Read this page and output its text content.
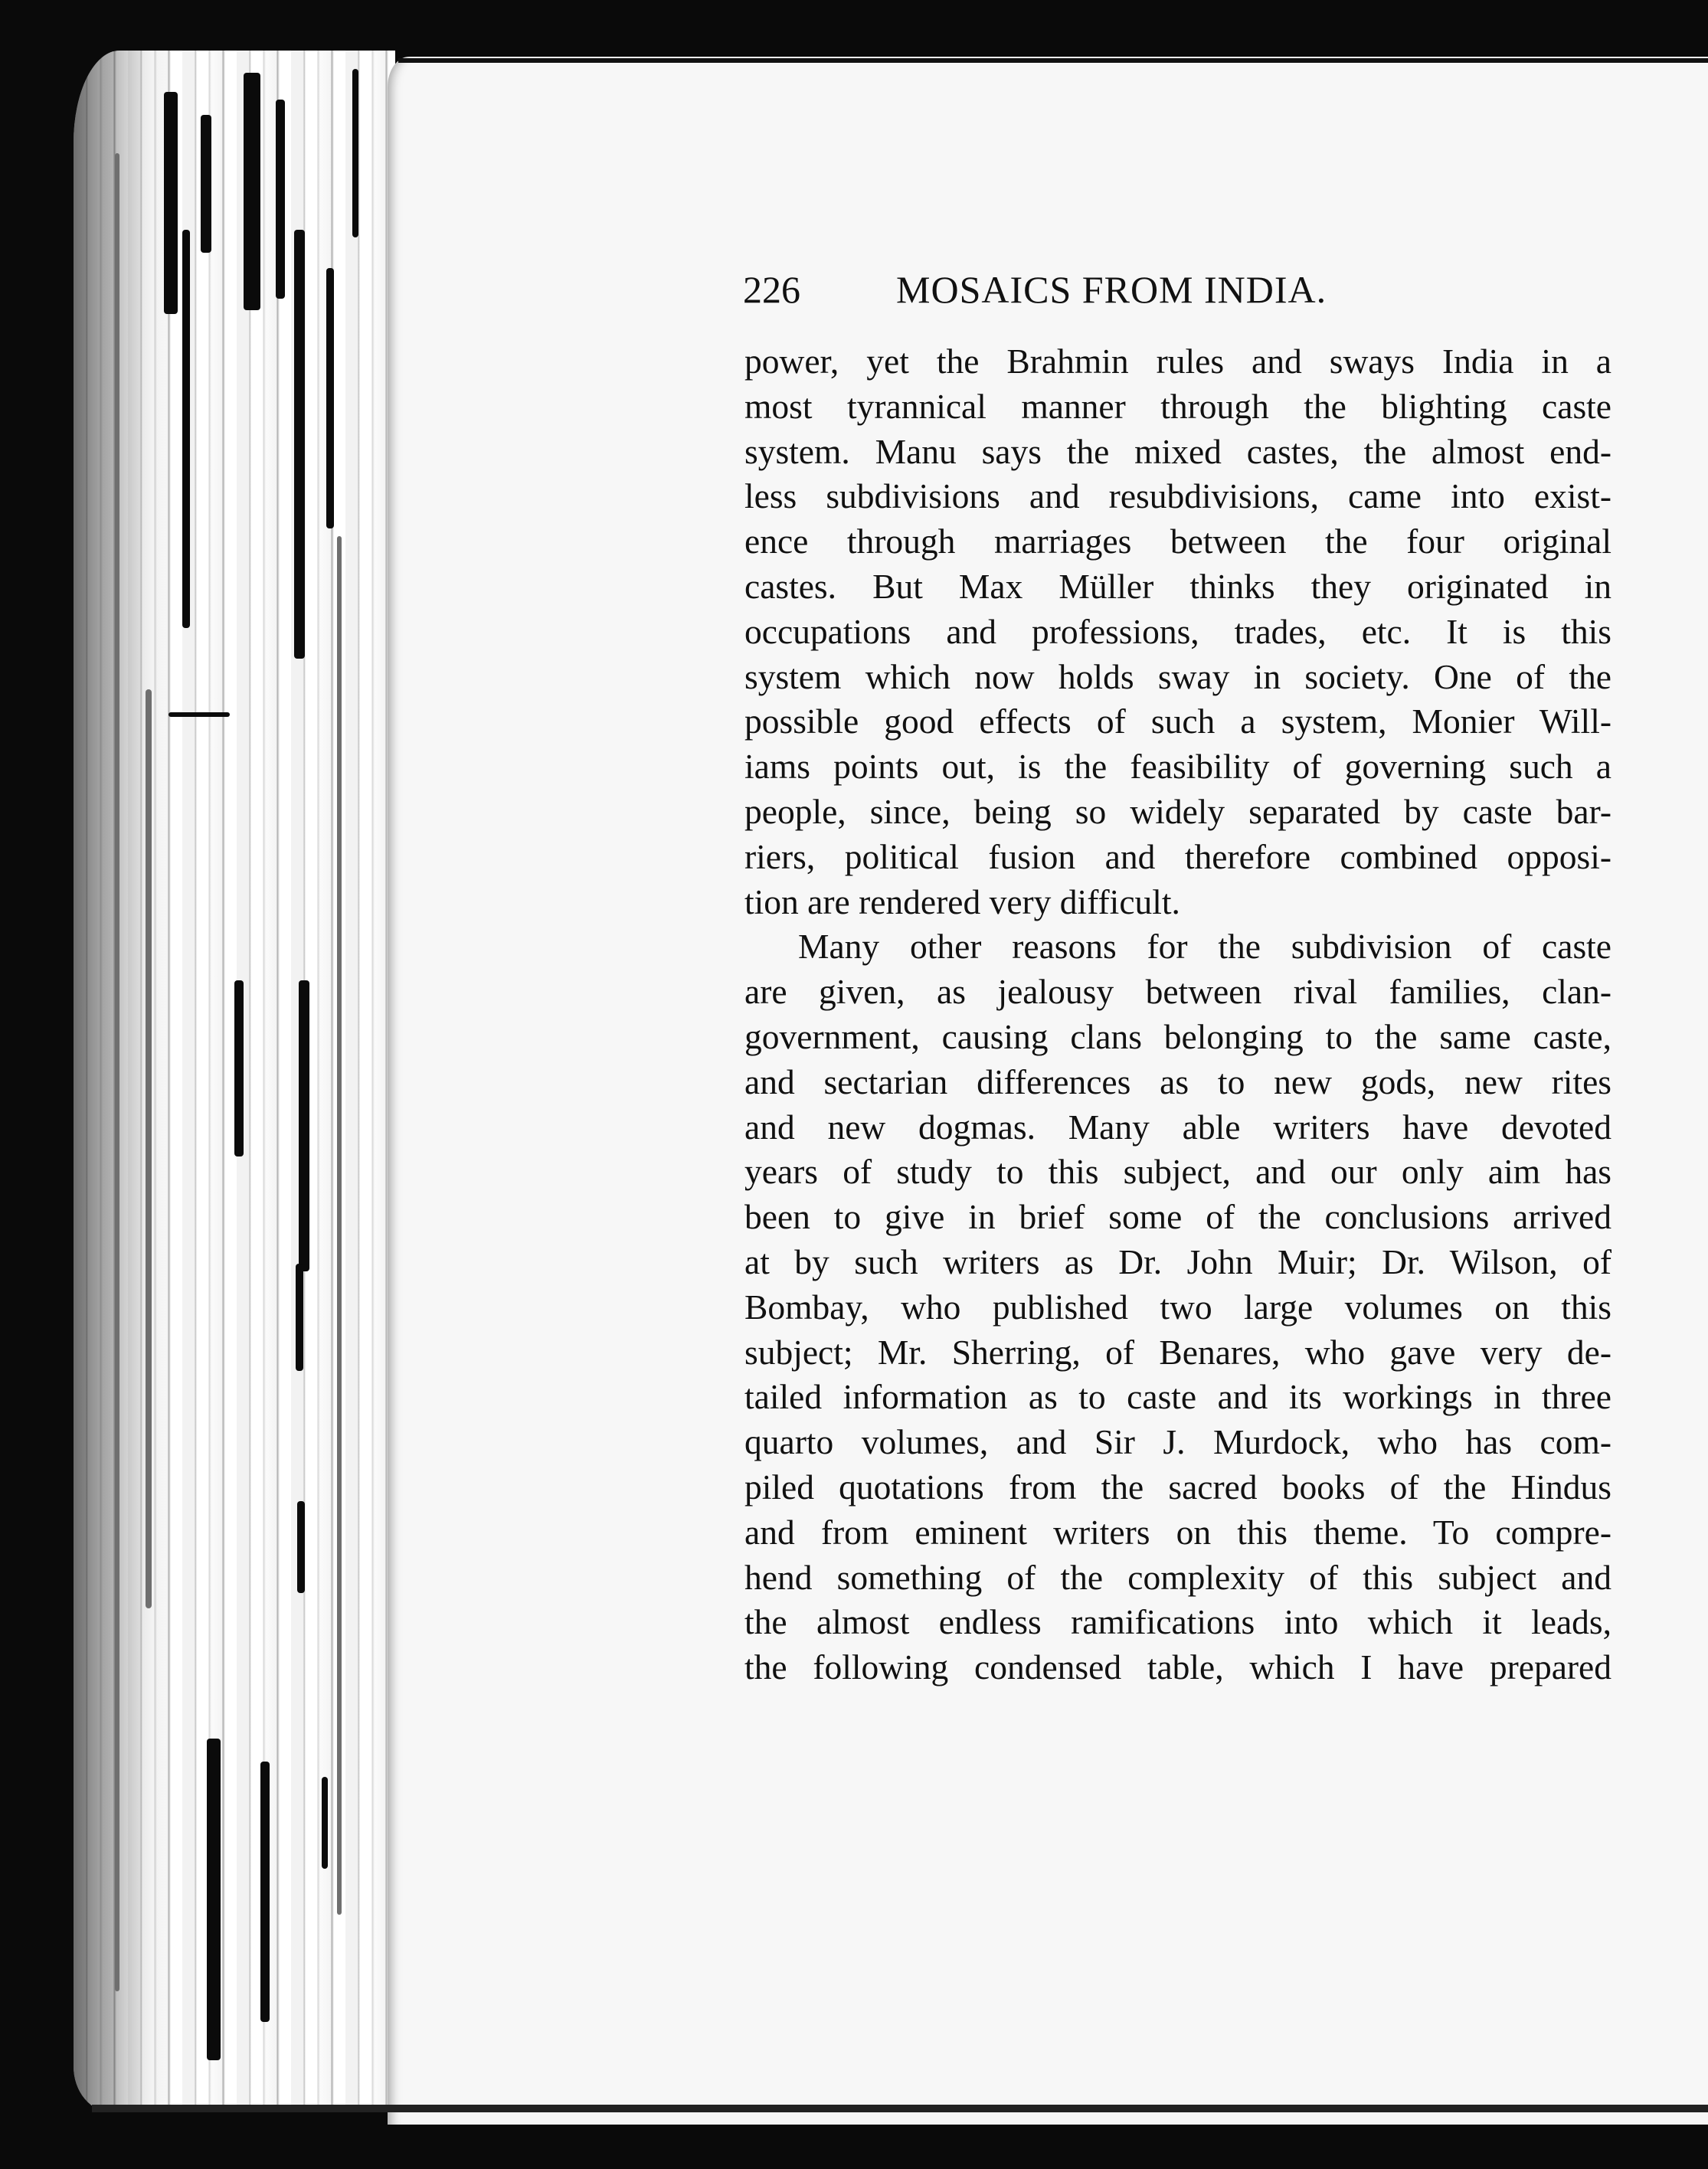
226	MOSAICS FROM INDIA.
power, yet the Brahmin rules and sways India in a
most tyrannical manner through the blighting caste
system. Manu says the mixed castes, the almost end-
less subdivisions and resubdivisions, came into exist-
ence through marriages between the four original
castes. But Max Müller thinks they originated in
occupations and professions, trades, etc. It is this
system which now holds sway in society. One of the
possible good effects of such a system, Monier Will-
iams points out, is the feasibility of governing such a
people, since, being so widely separated by caste bar-
riers, political fusion and therefore combined opposi-
tion are rendered very difficult.
Many other reasons for the subdivision of caste
are given, as jealousy between rival families, clan-
government, causing clans belonging to the same caste,
and sectarian differences as to new gods, new rites
and new dogmas. Many able writers have devoted
years of study to this subject, and our only aim has
been to give in brief some of the conclusions arrived
at by such writers as Dr. John Muir; Dr. Wilson, of
Bombay, who published two large volumes on this
subject; Mr. Sherring, of Benares, who gave very de-
tailed information as to caste and its workings in three
quarto volumes, and Sir J. Murdock, who has com-
piled quotations from the sacred books of the Hindus
and from eminent writers on this theme. To compre-
hend something of the complexity of this subject and
the almost endless ramifications into which it leads,
the following condensed table, which I have prepared
